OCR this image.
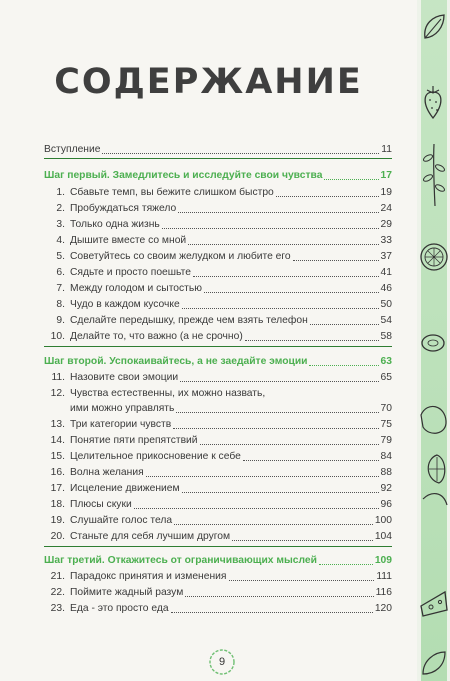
СОДЕРЖАНИЕ
Вступление	11
Шаг первый. Замедлитесь и исследуйте свои чувства	17
1. Сбавьте темп, вы бежите слишком быстро	19
2. Пробуждаться тяжело	24
3. Только одна жизнь	29
4. Дышите вместе со мной	33
5. Советуйтесь со своим желудком и любите его	37
6. Сядьте и просто поешьте	41
7. Между голодом и сытостью	46
8. Чудо в каждом кусочке	50
9. Сделайте передышку, прежде чем взять телефон	54
10. Делайте то, что важно (а не срочно)	58
Шаг второй. Успокаивайтесь, а не заедайте эмоции	63
11. Назовите свои эмоции	65
12. Чувства естественны, их можно назвать,
ими можно управлять	70
13. Три категории чувств	75
14. Понятие пяти препятствий	79
15. Целительное прикосновение к себе	84
16. Волна желания	88
17. Исцеление движением	92
18. Плюсы скуки	96
19. Слушайте голос тела	100
20. Станьте для себя лучшим другом	104
Шаг третий. Откажитесь от ограничивающих мыслей	109
21. Парадокс принятия и изменения	111
22. Поймите жадный разум	116
23. Еда - это просто еда	120
9
